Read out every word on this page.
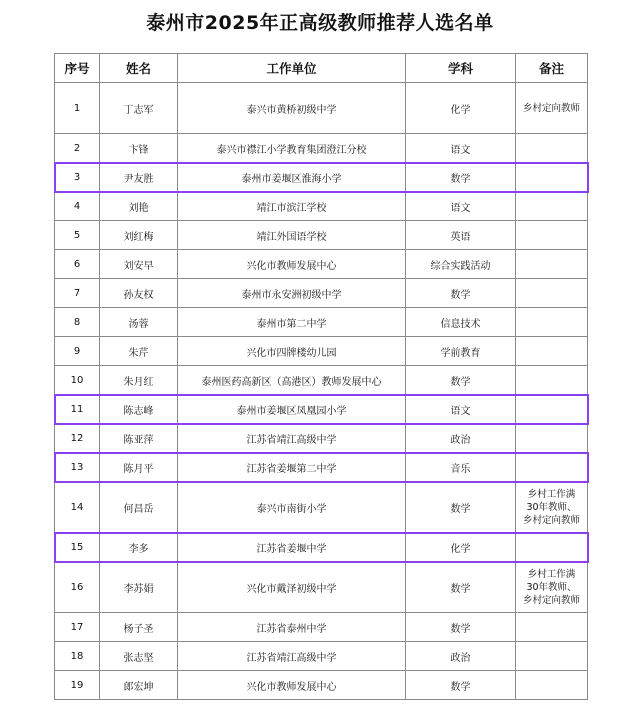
泰州市2025年正高级教师推荐人选名单
序号	姓名	工作单位	学科	备注
1	丁志军	泰兴市黄桥初级中学	化学	乡村定向教师
2	卞锋	泰兴市襟江小学教育集团澄江分校	语文	
3	尹友胜	泰州市姜堰区淮海小学	数学	
4	刘艳	靖江市滨江学校	语文	
5	刘红梅	靖江外国语学校	英语	
6	刘安早	兴化市教师发展中心	综合实践活动	
7	孙友权	泰州市永安洲初级中学	数学	
8	汤蓉	泰州市第二中学	信息技术	
9	朱芹	兴化市四牌楼幼儿园	学前教育	
10	朱月红	泰州医药高新区（高港区）教师发展中心	数学	
11	陈志峰	泰州市姜堰区凤凰园小学	语文	
12	陈亚萍	江苏省靖江高级中学	政治	
13	陈月平	江苏省姜堰第二中学	音乐	
14	何昌岳	泰兴市南街小学	数学	乡村工作满30年教师、乡村定向教师
15	李多	江苏省姜堰中学	化学	
16	李苏娟	兴化市戴泽初级中学	数学	乡村工作满30年教师、乡村定向教师
17	杨子圣	江苏省泰州中学	数学	
18	张志坚	江苏省靖江高级中学	政治	
19	郎宏坤	兴化市教师发展中心	数学	
